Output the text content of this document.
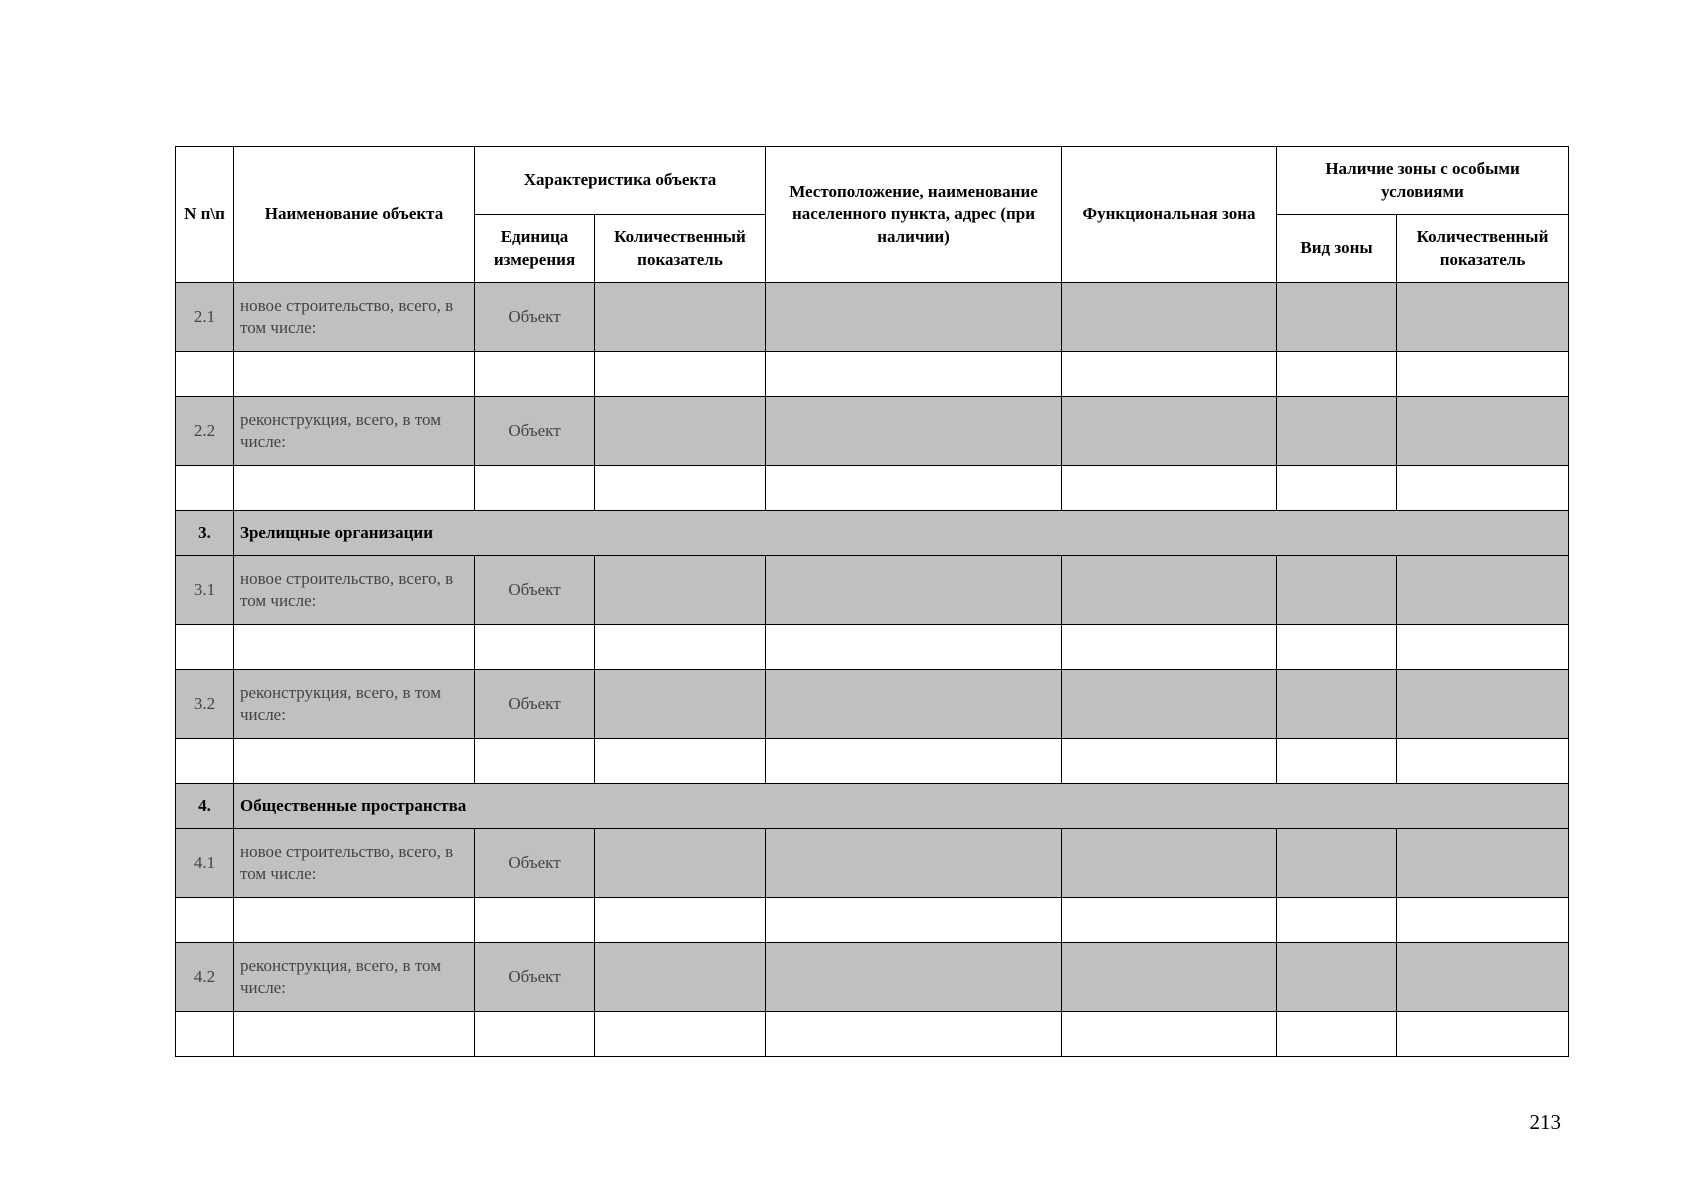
N п\п	Наименование объекта	Характеристика объекта		Местоположение, наименование населенного пункта, адрес (при наличии)	Функциональная зона	Наличие зоны с особыми условиями	
		Единица измерения	Количественный показатель			Вид зоны	Количественный показатель
2.1	новое строительство, всего, в том числе:	Объект					

2.2	реконструкция, всего, в том числе:	Объект					

3.	Зрелищные организации						
3.1	новое строительство, всего, в том числе:	Объект					

3.2	реконструкция, всего, в том числе:	Объект					

4.	Общественные пространства						
4.1	новое строительство, всего, в том числе:	Объект					

4.2	реконструкция, всего, в том числе:	Объект					

213
